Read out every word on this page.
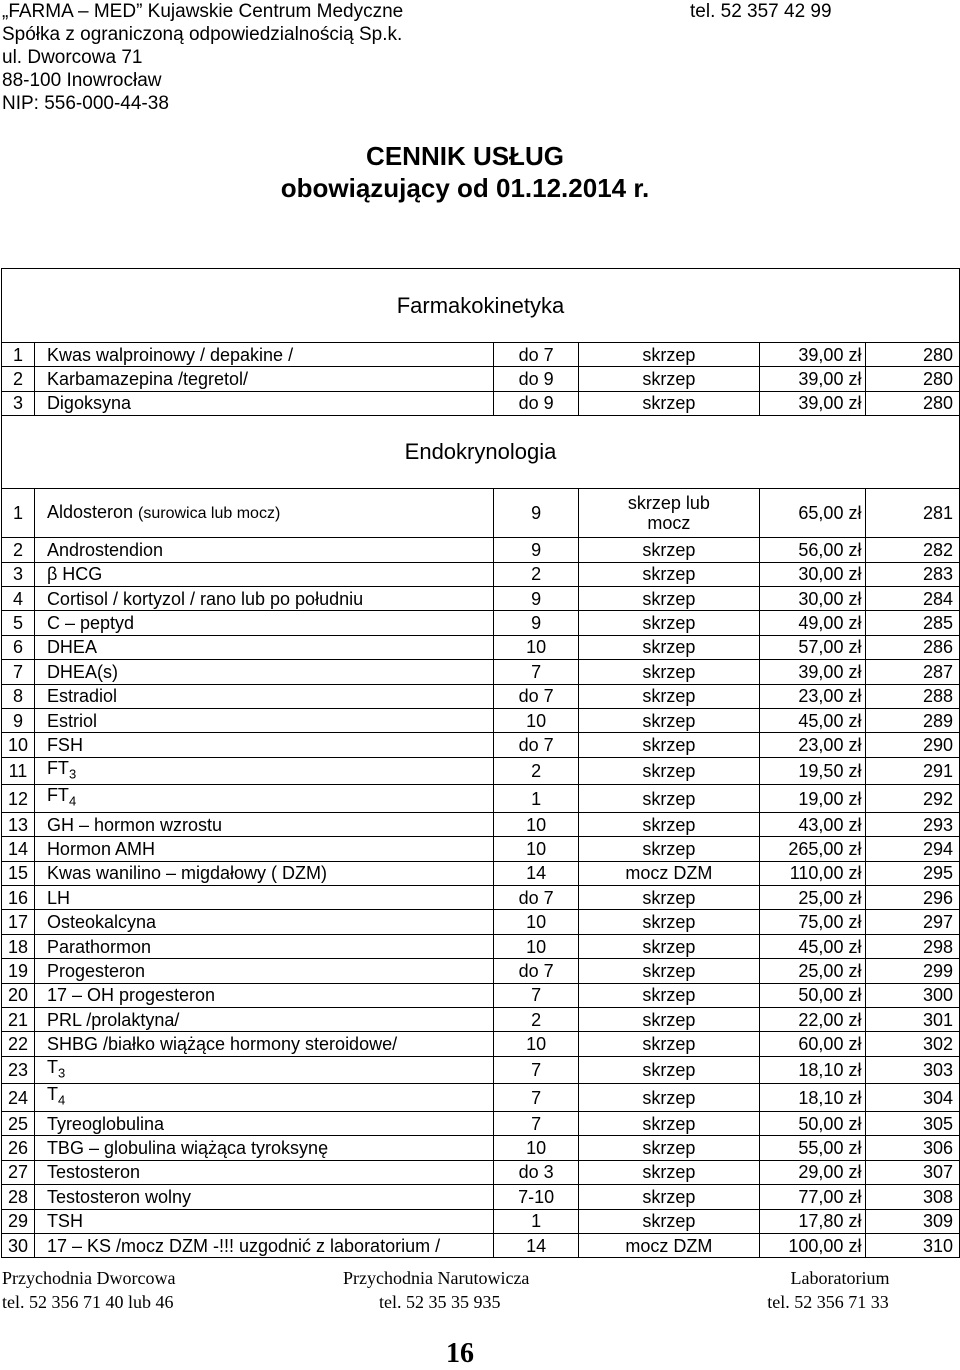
„FARMA – MED” Kujawskie Centrum Medyczne
Spółka z ograniczoną odpowiedzialnością Sp.k.
ul. Dworcowa 71
88-100 Inowrocław
NIP: 556-000-44-38
tel. 52 357 42 99
CENNIK USŁUG
obowiązujący od 01.12.2014 r.
Farmakokinetyka					
1	Kwas walproinowy / depakine /	do 7	skrzep	39,00 zł	280
2	Karbamazepina /tegretol/	do 9	skrzep	39,00 zł	280
3	Digoksyna	do 9	skrzep	39,00 zł	280
Endokrynologia					
1	Aldosteron (surowica lub mocz)	9	skrzep lub mocz	65,00 zł	281
2	Androstendion	9	skrzep	56,00 zł	282
3	β HCG	2	skrzep	30,00 zł	283
4	Cortisol / kortyzol / rano lub po południu	9	skrzep	30,00 zł	284
5	C – peptyd	9	skrzep	49,00 zł	285
6	DHEA	10	skrzep	57,00 zł	286
7	DHEA(s)	7	skrzep	39,00 zł	287
8	Estradiol	do 7	skrzep	23,00 zł	288
9	Estriol	10	skrzep	45,00 zł	289
10	FSH	do 7	skrzep	23,00 zł	290
11	$FT_3$	2	skrzep	19,50 zł	291
12	$FT_4$	1	skrzep	19,00 zł	292
13	GH – hormon wzrostu	10	skrzep	43,00 zł	293
14	Hormon AMH	10	skrzep	265,00 zł	294
15	Kwas wanilino – migdałowy ( DZM)	14	mocz DZM	110,00 zł	295
16	LH	do 7	skrzep	25,00 zł	296
17	Osteokalcyna	10	skrzep	75,00 zł	297
18	Parathormon	10	skrzep	45,00 zł	298
19	Progesteron	do 7	skrzep	25,00 zł	299
20	17 – OH progesteron	7	skrzep	50,00 zł	300
21	PRL /prolaktyna/	2	skrzep	22,00 zł	301
22	SHBG /białko wiążące hormony steroidowe/	10	skrzep	60,00 zł	302
23	$T_3$	7	skrzep	18,10 zł	303
24	$T_4$	7	skrzep	18,10 zł	304
25	Tyreoglobulina	7	skrzep	50,00 zł	305
26	TBG – globulina wiążąca tyroksynę	10	skrzep	55,00 zł	306
27	Testosteron	do 3	skrzep	29,00 zł	307
28	Testosteron wolny	7-10	skrzep	77,00 zł	308
29	TSH	1	skrzep	17,80 zł	309
30	17 – KS /mocz DZM -!!! uzgodnić z laboratorium /	14	mocz DZM	100,00 zł	310
Przychodnia Dworcowa
tel. 52 356 71 40 lub 46
Przychodnia Narutowicza
tel. 52 35 35 935
Laboratorium
tel. 52 356 71 33
16
